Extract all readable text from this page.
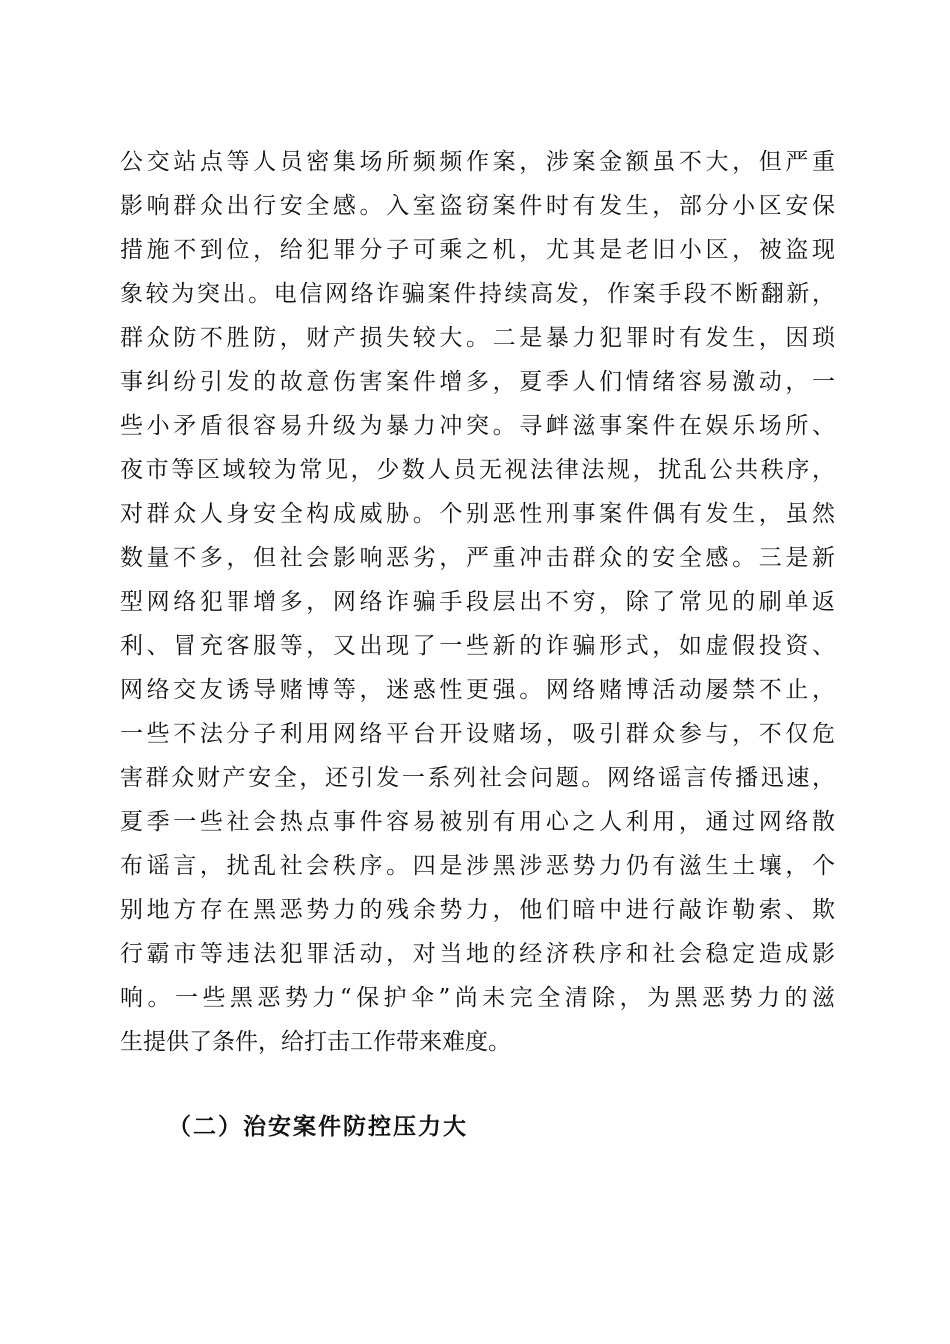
公交站点等人员密集场所频频作案，涉案金额虽不大，但严重
影响群众出行安全感。入室盗窃案件时有发生，部分小区安保
措施不到位，给犯罪分子可乘之机，尤其是老旧小区，被盗现
象较为突出。电信网络诈骗案件持续高发，作案手段不断翻新，
群众防不胜防，财产损失较大。二是暴力犯罪时有发生，因琐
事纠纷引发的故意伤害案件增多，夏季人们情绪容易激动，一
些小矛盾很容易升级为暴力冲突。寻衅滋事案件在娱乐场所、
夜市等区域较为常见，少数人员无视法律法规，扰乱公共秩序，
对群众人身安全构成威胁。个别恶性刑事案件偶有发生，虽然
数量不多，但社会影响恶劣，严重冲击群众的安全感。三是新
型网络犯罪增多，网络诈骗手段层出不穷，除了常见的刷单返
利、冒充客服等，又出现了一些新的诈骗形式，如虚假投资、
网络交友诱导赌博等，迷惑性更强。网络赌博活动屡禁不止，
一些不法分子利用网络平台开设赌场，吸引群众参与，不仅危
害群众财产安全，还引发一系列社会问题。网络谣言传播迅速，
夏季一些社会热点事件容易被别有用心之人利用，通过网络散
布谣言，扰乱社会秩序。四是涉黑涉恶势力仍有滋生土壤，个
别地方存在黑恶势力的残余势力，他们暗中进行敲诈勒索、欺
行霸市等违法犯罪活动，对当地的经济秩序和社会稳定造成影
响。一些黑恶势力“保护伞”尚未完全清除，为黑恶势力的滋
生提供了条件，给打击工作带来难度。
（二）治安案件防控压力大
